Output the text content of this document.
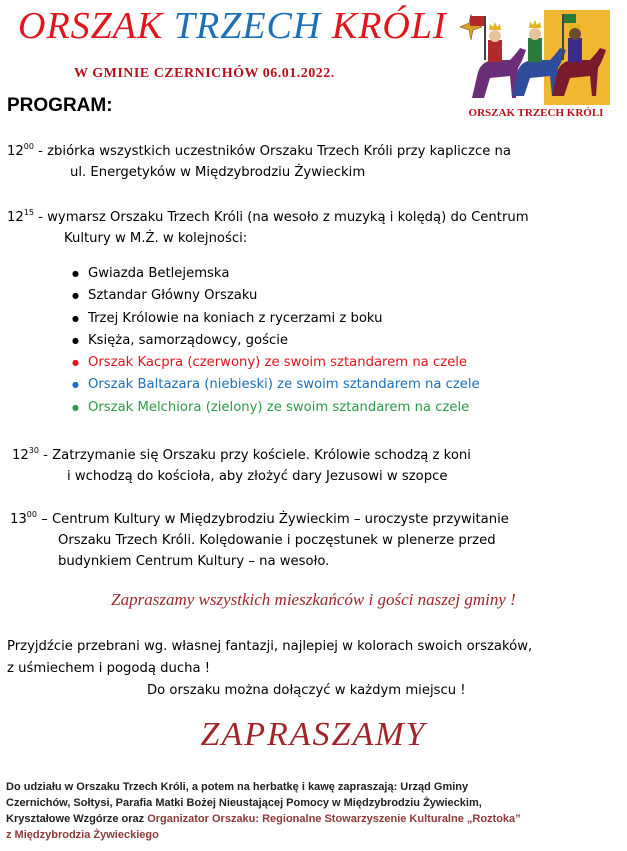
ORSZAK TRZECH KRÓLI
W GMINIE CZERNICHÓW 06.01.2022.
ORSZAK TRZECH KRÓLI
PROGRAM:
$12^{00}$ - zbiórka wszystkich uczestników Orszaku Trzech Króli przy kapliczce na
ul. Energetyków w Międzybrodziu Żywieckim
$12^{15}$ - wymarsz Orszaku Trzech Króli (na wesoło z muzyką i kolędą) do Centrum
Kultury w M.Ż. w kolejności:
● Gwiazda Betlejemska
● Sztandar Główny Orszaku
● Trzej Królowie na koniach z rycerzami z boku
● Księża, samorządowcy, goście
● Orszak Kacpra (czerwony) ze swoim sztandarem na czele
● Orszak Baltazara (niebieski) ze swoim sztandarem na czele
● Orszak Melchiora (zielony) ze swoim sztandarem na czele
$12^{30}$ - Zatrzymanie się Orszaku przy kościele. Królowie schodzą z koni
i wchodzą do kościoła, aby złożyć dary Jezusowi w szopce
$13^{00}$ – Centrum Kultury w Międzybrodziu Żywieckim – uroczyste przywitanie
Orszaku Trzech Króli. Kolędowanie i poczęstunek w plenerze przed
budynkiem Centrum Kultury – na wesoło.
Zapraszamy wszystkich mieszkańców i gości naszej gminy !
Przyjdźcie przebrani wg. własnej fantazji, najlepiej w kolorach swoich orszaków,
z uśmiechem i pogodą ducha !
Do orszaku można dołączyć w każdym miejscu !
ZAPRASZAMY
Do udziału w Orszaku Trzech Króli, a potem na herbatkę i kawę zapraszają: Urząd Gminy
Czernichów, Sołtysi, Parafia Matki Bożej Nieustającej Pomocy w Międzybrodziu Żywieckim,
Kryształowe Wzgórze oraz Organizator Orszaku: Regionalne Stowarzyszenie Kulturalne „Roztoka”
z Międzybrodzia Żywieckiego
